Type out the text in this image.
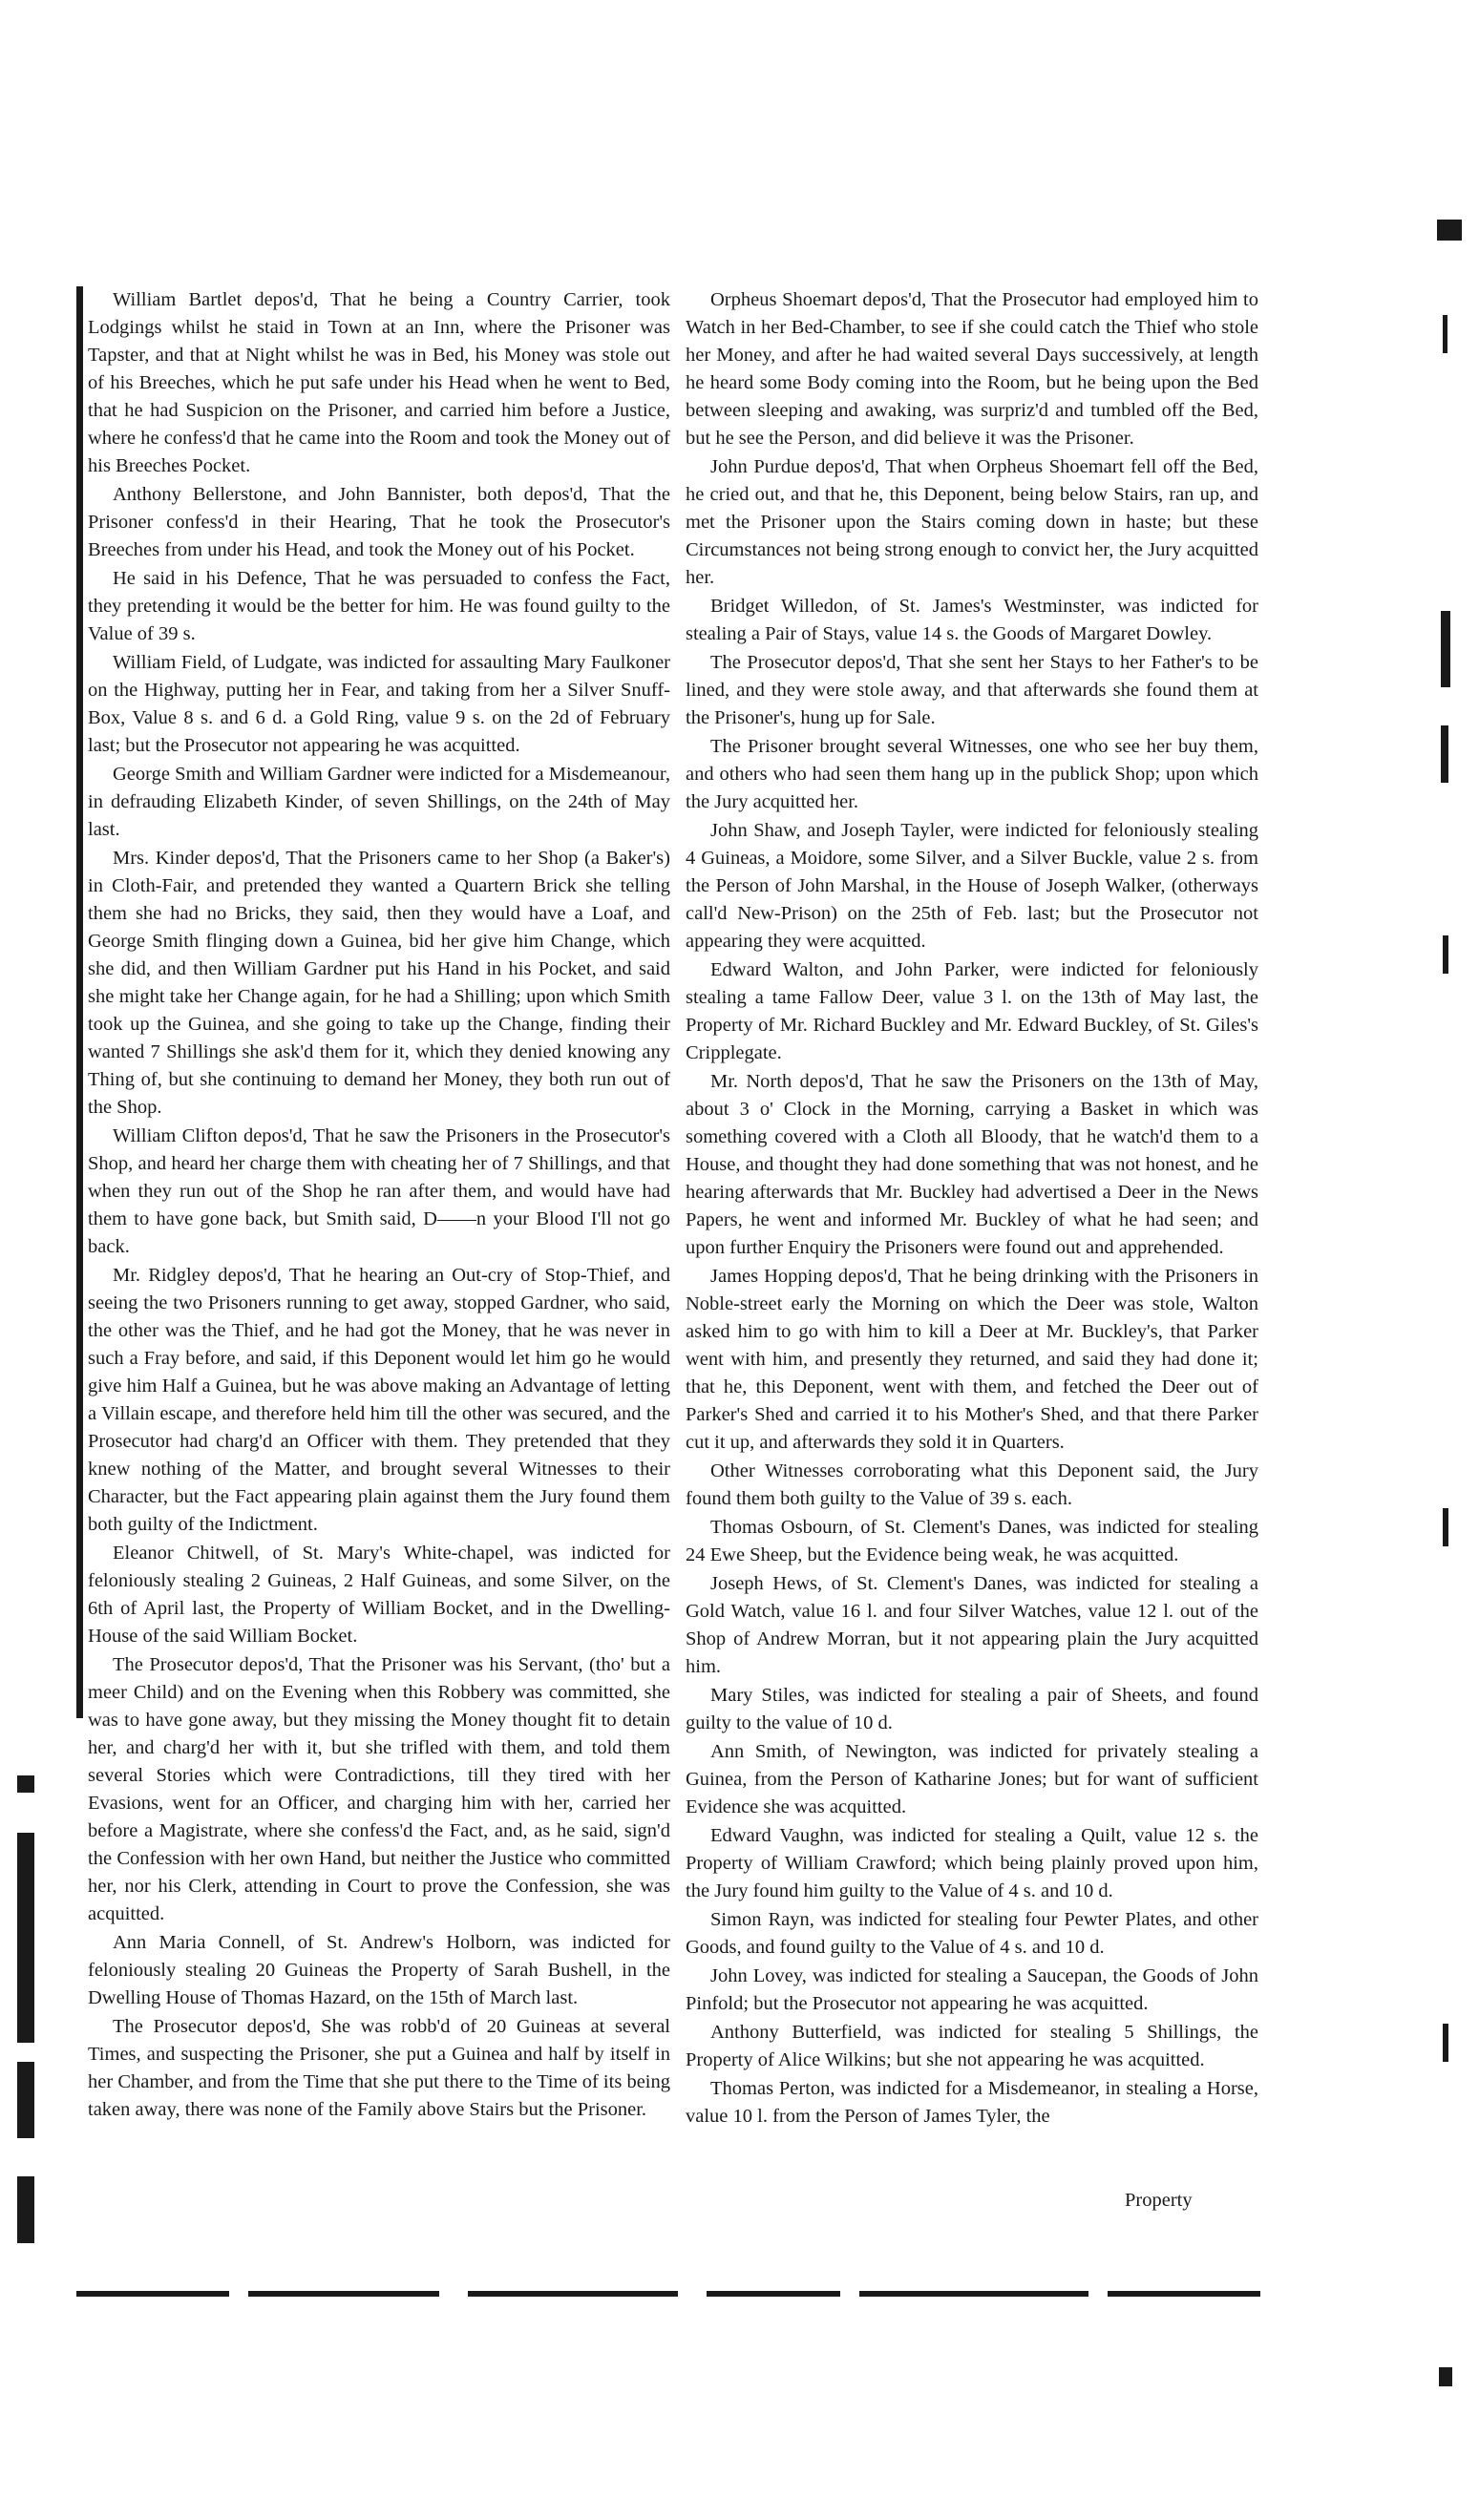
William Bartlet depos'd, That he being a Country Carrier, took Lodgings whilst he staid in Town at an Inn, where the Prisoner was Tapster, and that at Night whilst he was in Bed, his Money was stole out of his Breeches, which he put safe under his Head when he went to Bed, that he had Suspicion on the Prisoner, and carried him before a Justice, where he confess'd that he came into the Room and took the Money out of his Breeches Pocket.

Anthony Bellerstone, and John Bannister, both depos'd, That the Prisoner confess'd in their Hearing, That he took the Prosecutor's Breeches from under his Head, and took the Money out of his Pocket.

He said in his Defence, That he was persuaded to confess the Fact, they pretending it would be the better for him. He was found guilty to the Value of 39 s.

William Field, of Ludgate, was indicted for assaulting Mary Faulkoner on the Highway, putting her in Fear, and taking from her a Silver Snuff-Box, Value 8 s. and 6 d. a Gold Ring, value 9 s. on the 2d of February last; but the Prosecutor not appearing he was acquitted.

George Smith and William Gardner were indicted for a Misdemeanour, in defrauding Elizabeth Kinder, of seven Shillings, on the 24th of May last.

Mrs. Kinder depos'd, That the Prisoners came to her Shop (a Baker's) in Cloth-Fair, and pretended they wanted a Quartern Brick she telling them she had no Bricks, they said, then they would have a Loaf, and George Smith flinging down a Guinea, bid her give him Change, which she did, and then William Gardner put his Hand in his Pocket, and said she might take her Change again, for he had a Shilling; upon which Smith took up the Guinea, and she going to take up the Change, finding their wanted 7 Shillings she ask'd them for it, which they denied knowing any Thing of, but she continuing to demand her Money, they both run out of the Shop.

William Clifton depos'd, That he saw the Prisoners in the Prosecutor's Shop, and heard her charge them with cheating her of 7 Shillings, and that when they run out of the Shop he ran after them, and would have had them to have gone back, but Smith said, D——n your Blood I'll not go back.

Mr. Ridgley depos'd, That he hearing an Out-cry of Stop-Thief, and seeing the two Prisoners running to get away, stopped Gardner, who said, the other was the Thief, and he had got the Money, that he was never in such a Fray before, and said, if this Deponent would let him go he would give him Half a Guinea, but he was above making an Advantage of letting a Villain escape, and therefore held him till the other was secured, and the Prosecutor had charg'd an Officer with them. They pretended that they knew nothing of the Matter, and brought several Witnesses to their Character, but the Fact appearing plain against them the Jury found them both guilty of the Indictment.

Eleanor Chitwell, of St. Mary's White-chapel, was indicted for feloniously stealing 2 Guineas, 2 Half Guineas, and some Silver, on the 6th of April last, the Property of William Bocket, and in the Dwelling-House of the said William Bocket.

The Prosecutor depos'd, That the Prisoner was his Servant, (tho' but a meer Child) and on the Evening when this Robbery was committed, she was to have gone away, but they missing the Money thought fit to detain her, and charg'd her with it, but she trifled with them, and told them several Stories which were Contradictions, till they tired with her Evasions, went for an Officer, and charging him with her, carried her before a Magistrate, where she confess'd the Fact, and, as he said, sign'd the Confession with her own Hand, but neither the Justice who committed her, nor his Clerk, attending in Court to prove the Confession, she was acquitted.

Ann Maria Connell, of St. Andrew's Holborn, was indicted for feloniously stealing 20 Guineas the Property of Sarah Bushell, in the Dwelling House of Thomas Hazard, on the 15th of March last.

The Prosecutor depos'd, She was robb'd of 20 Guineas at several Times, and suspecting the Prisoner, she put a Guinea and half by itself in her Chamber, and from the Time that she put there to the Time of its being taken away, there was none of the Family above Stairs but the Prisoner.

Orpheus Shoemart depos'd, That the Prosecutor had employed him to Watch in her Bed-Chamber, to see if she could catch the Thief who stole her Money, and after he had waited several Days successively, at length he heard some Body coming into the Room, but he being upon the Bed between sleeping and awaking, was surpriz'd and tumbled off the Bed, but he see the Person, and did believe it was the Prisoner.

John Purdue depos'd, That when Orpheus Shoemart fell off the Bed, he cried out, and that he, this Deponent, being below Stairs, ran up, and met the Prisoner upon the Stairs coming down in haste; but these Circumstances not being strong enough to convict her, the Jury acquitted her.

Bridget Willedon, of St. James's Westminster, was indicted for stealing a Pair of Stays, value 14 s. the Goods of Margaret Dowley.

The Prosecutor depos'd, That she sent her Stays to her Father's to be lined, and they were stole away, and that afterwards she found them at the Prisoner's, hung up for Sale.

The Prisoner brought several Witnesses, one who see her buy them, and others who had seen them hang up in the publick Shop; upon which the Jury acquitted her.

John Shaw, and Joseph Tayler, were indicted for feloniously stealing 4 Guineas, a Moidore, some Silver, and a Silver Buckle, value 2 s. from the Person of John Marshal, in the House of Joseph Walker, (otherways call'd New-Prison) on the 25th of Feb. last; but the Prosecutor not appearing they were acquitted.

Edward Walton, and John Parker, were indicted for feloniously stealing a tame Fallow Deer, value 3 l. on the 13th of May last, the Property of Mr. Richard Buckley and Mr. Edward Buckley, of St. Giles's Cripplegate.

Mr. North depos'd, That he saw the Prisoners on the 13th of May, about 3 o' Clock in the Morning, carrying a Basket in which was something covered with a Cloth all Bloody, that he watch'd them to a House, and thought they had done something that was not honest, and he hearing afterwards that Mr. Buckley had advertised a Deer in the News Papers, he went and informed Mr. Buckley of what he had seen; and upon further Enquiry the Prisoners were found out and apprehended.

James Hopping depos'd, That he being drinking with the Prisoners in Noble-street early the Morning on which the Deer was stole, Walton asked him to go with him to kill a Deer at Mr. Buckley's, that Parker went with him, and presently they returned, and said they had done it; that he, this Deponent, went with them, and fetched the Deer out of Parker's Shed and carried it to his Mother's Shed, and that there Parker cut it up, and afterwards they sold it in Quarters.

Other Witnesses corroborating what this Deponent said, the Jury found them both guilty to the Value of 39 s. each.

Thomas Osbourn, of St. Clement's Danes, was indicted for stealing 24 Ewe Sheep, but the Evidence being weak, he was acquitted.

Joseph Hews, of St. Clement's Danes, was indicted for stealing a Gold Watch, value 16 l. and four Silver Watches, value 12 l. out of the Shop of Andrew Morran, but it not appearing plain the Jury acquitted him.

Mary Stiles, was indicted for stealing a pair of Sheets, and found guilty to the value of 10 d.

Ann Smith, of Newington, was indicted for privately stealing a Guinea, from the Person of Katharine Jones; but for want of sufficient Evidence she was acquitted.

Edward Vaughn, was indicted for stealing a Quilt, value 12 s. the Property of William Crawford; which being plainly proved upon him, the Jury found him guilty to the Value of 4 s. and 10 d.

Simon Rayn, was indicted for stealing four Pewter Plates, and other Goods, and found guilty to the Value of 4 s. and 10 d.

John Lovey, was indicted for stealing a Saucepan, the Goods of John Pinfold; but the Prosecutor not appearing he was acquitted.

Anthony Butterfield, was indicted for stealing 5 Shillings, the Property of Alice Wilkins; but she not appearing he was acquitted.

Thomas Perton, was indicted for a Misdemeanor, in stealing a Horse, value 10 l. from the Person of James Tyler, the

Property
